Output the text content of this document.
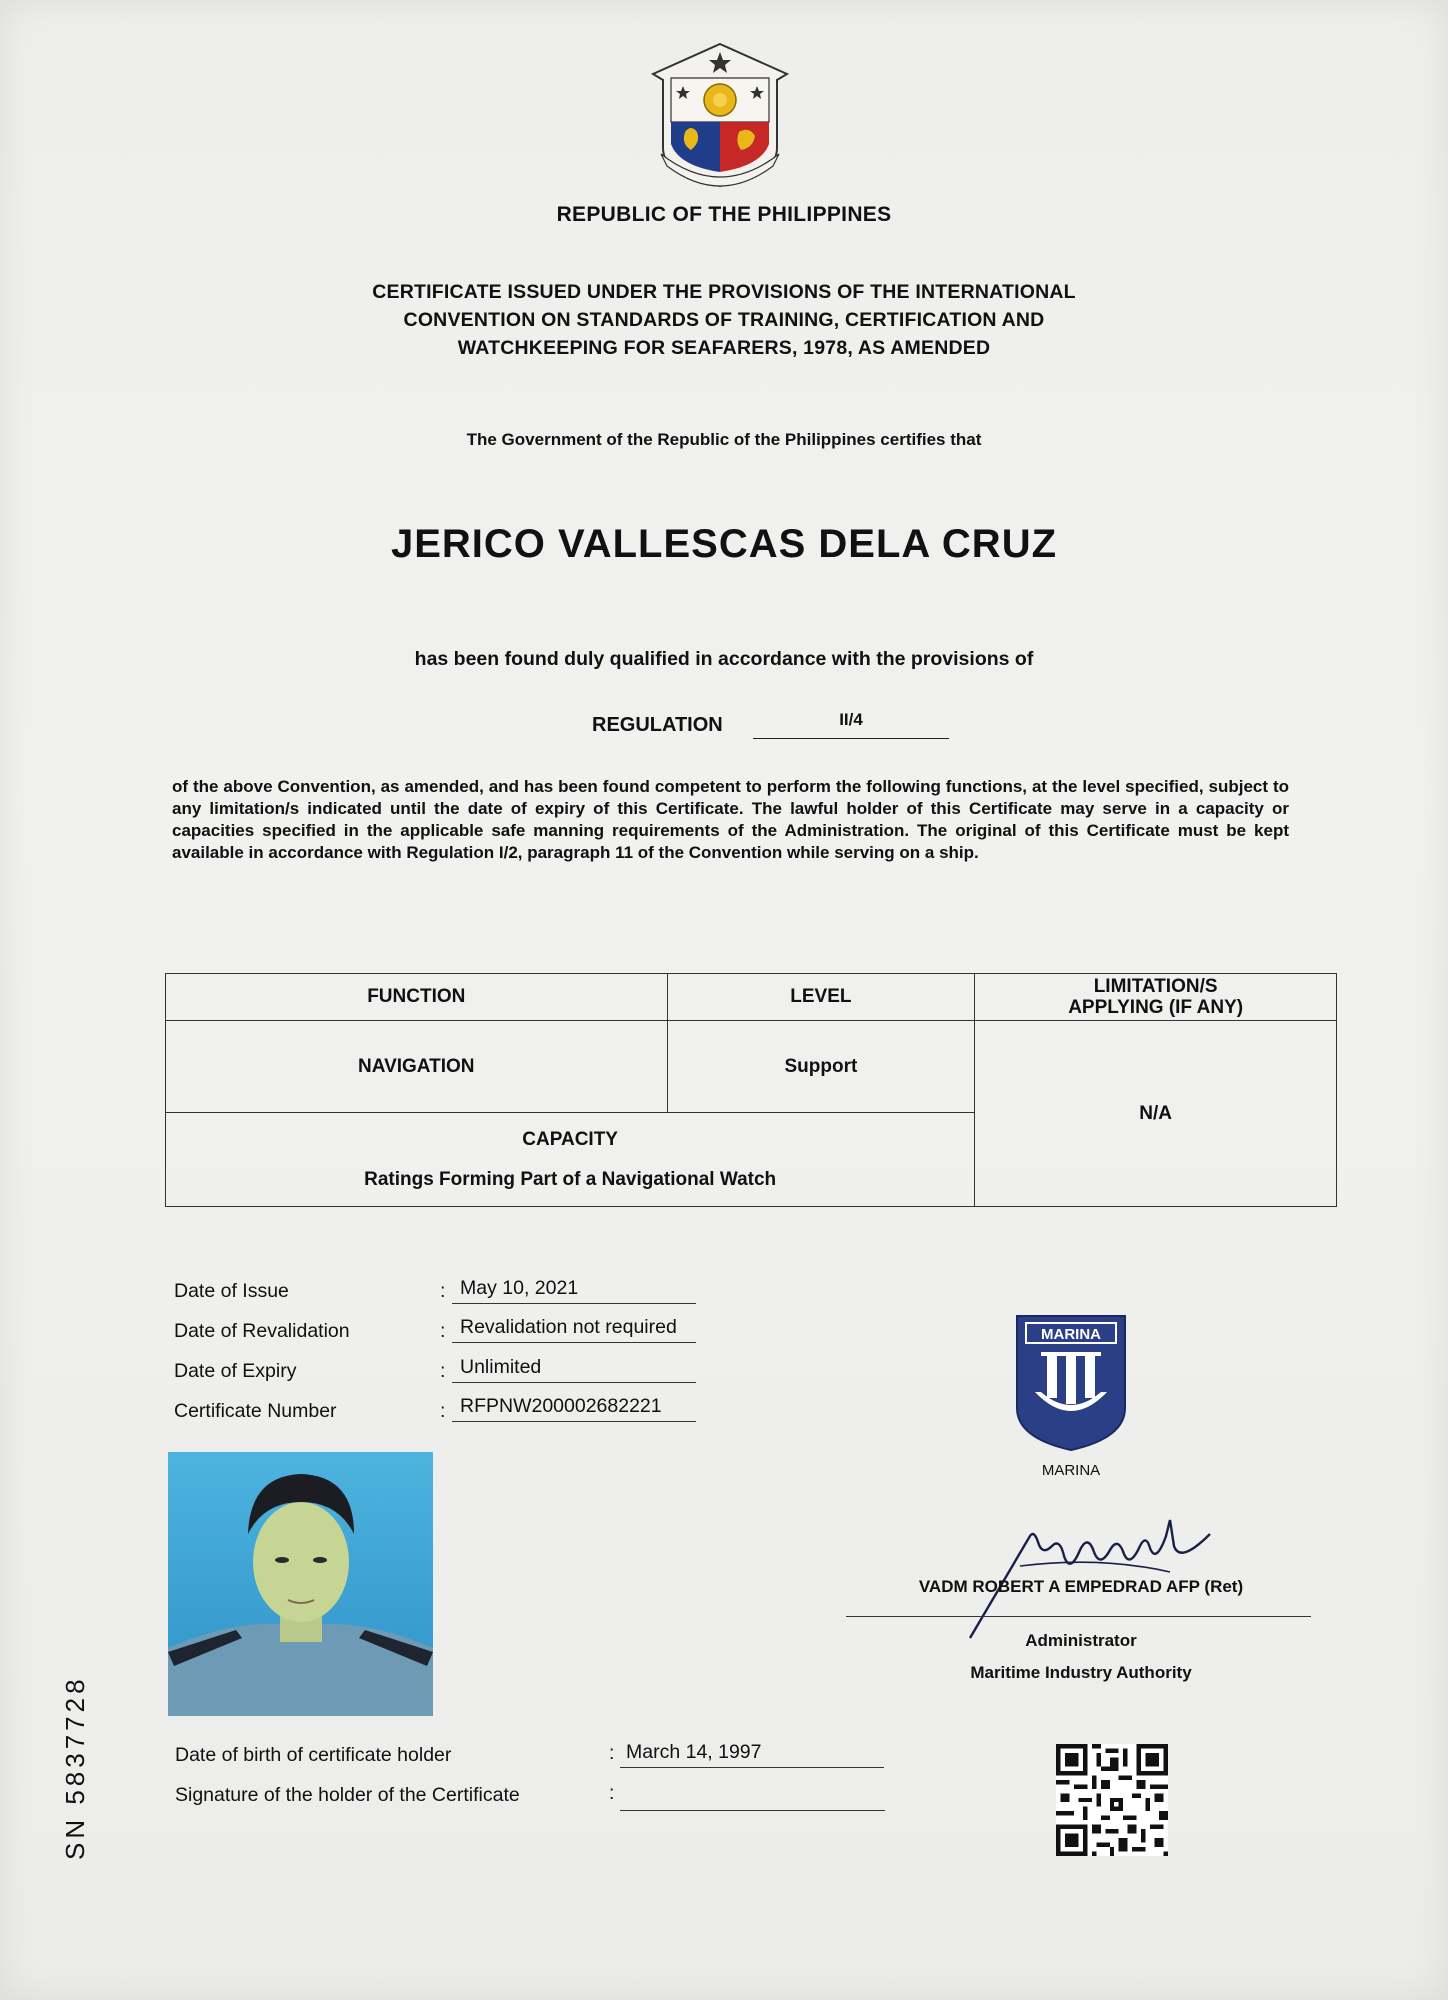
REPUBLIC OF THE PHILIPPINES
CERTIFICATE ISSUED UNDER THE PROVISIONS OF THE INTERNATIONAL
CONVENTION ON STANDARDS OF TRAINING, CERTIFICATION AND
WATCHKEEPING FOR SEAFARERS, 1978, AS AMENDED
The Government of the Republic of the Philippines certifies that
JERICO VALLESCAS DELA CRUZ
has been found duly qualified in accordance with the provisions of
REGULATION	II/4
of the above Convention, as amended, and has been found competent to perform the following functions, at the level specified, subject to any limitation/s indicated until the date of expiry of this Certificate. The lawful holder of this Certificate may serve in a capacity or capacities specified in the applicable safe manning requirements of the Administration. The original of this Certificate must be kept available in accordance with Regulation I/2, paragraph 11 of the Convention while serving on a ship.
FUNCTION	LEVEL	LIMITATION/S
APPLYING (IF ANY)

NAVIGATION	Support	N/A

CAPACITY
Ratings Forming Part of a Navigational Watch		
Date of Issue	: May 10, 2021
Date of Revalidation	: Revalidation not required
Date of Expiry	: Unlimited
Certificate Number	: RFPNW200002682221
MARINA
MARINA
VADM ROBERT A EMPEDRAD AFP (Ret)
Administrator
Maritime Industry Authority
Date of birth of certificate holder	: March 14, 1997
Signature of the holder of the Certificate	:
SN 5837728
